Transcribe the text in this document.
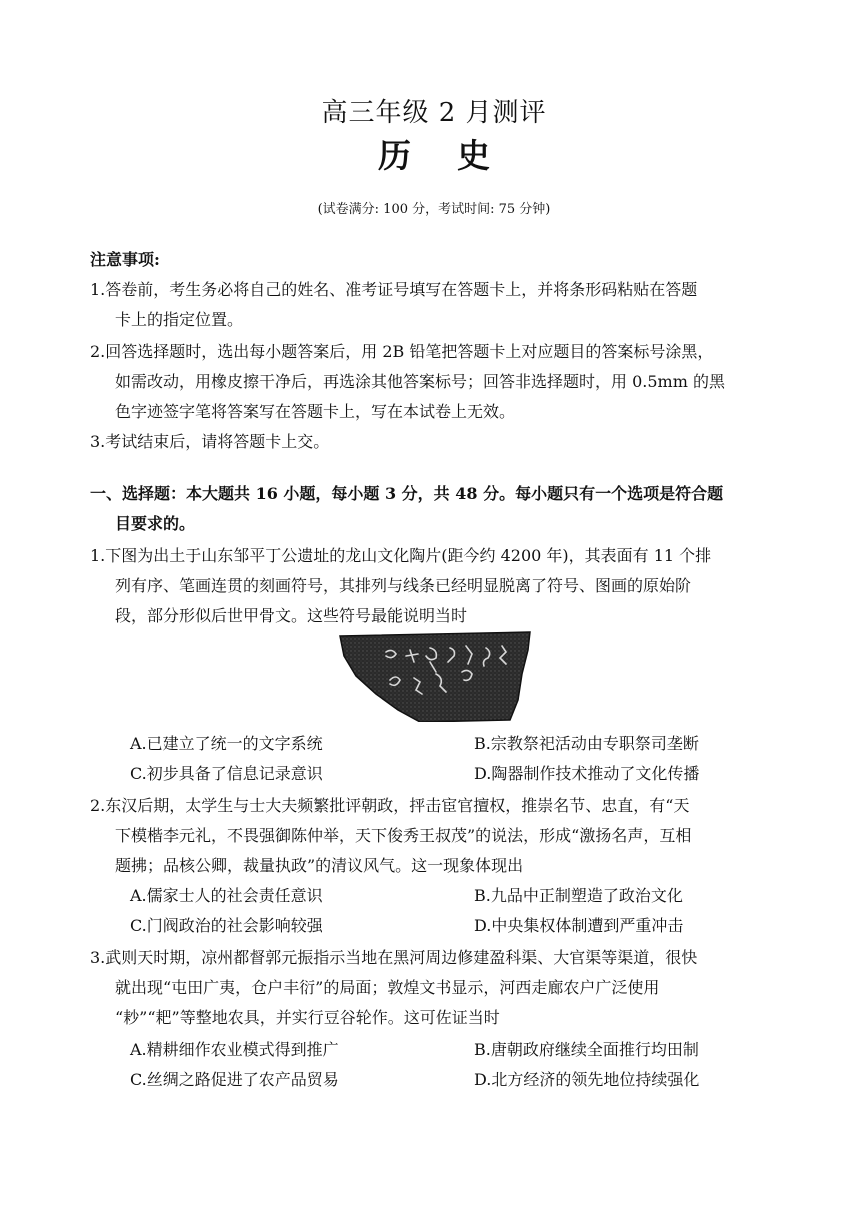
高三年级 2 月测评
历史
(试卷满分: 100 分，考试时间: 75 分钟)
注意事项:
1.答卷前，考生务必将自己的姓名、准考证号填写在答题卡上，并将条形码粘贴在答题
卡上的指定位置。
2.回答选择题时，选出每小题答案后，用 2B 铅笔把答题卡上对应题目的答案标号涂黑，
如需改动，用橡皮擦干净后，再选涂其他答案标号；回答非选择题时，用 0.5mm 的黑
色字迹签字笔将答案写在答题卡上，写在本试卷上无效。
3.考试结束后，请将答题卡上交。
一、选择题：本大题共 16 小题，每小题 3 分，共 48 分。每小题只有一个选项是符合题
目要求的。
1.下图为出土于山东邹平丁公遗址的龙山文化陶片(距今约 4200 年)，其表面有 11 个排
列有序、笔画连贯的刻画符号，其排列与线条已经明显脱离了符号、图画的原始阶
段，部分形似后世甲骨文。这些符号最能说明当时
A.已建立了统一的文字系统	B.宗教祭祀活动由专职祭司垄断
C.初步具备了信息记录意识	D.陶器制作技术推动了文化传播
2.东汉后期，太学生与士大夫频繁批评朝政，抨击宦官擅权，推崇名节、忠直，有“天
下模楷李元礼，不畏强御陈仲举，天下俊秀王叔茂”的说法，形成“激扬名声，互相
题拂；品核公卿，裁量执政”的清议风气。这一现象体现出
A.儒家士人的社会责任意识	B.九品中正制塑造了政治文化
C.门阀政治的社会影响较强	D.中央集权体制遭到严重冲击
3.武则天时期，凉州都督郭元振指示当地在黑河周边修建盈科渠、大官渠等渠道，很快
就出现“屯田广夷，仓户丰衍”的局面；敦煌文书显示，河西走廊农户广泛使用
“耖”“耙”等整地农具，并实行豆谷轮作。这可佐证当时
A.精耕细作农业模式得到推广	B.唐朝政府继续全面推行均田制
C.丝绸之路促进了农产品贸易	D.北方经济的领先地位持续强化
